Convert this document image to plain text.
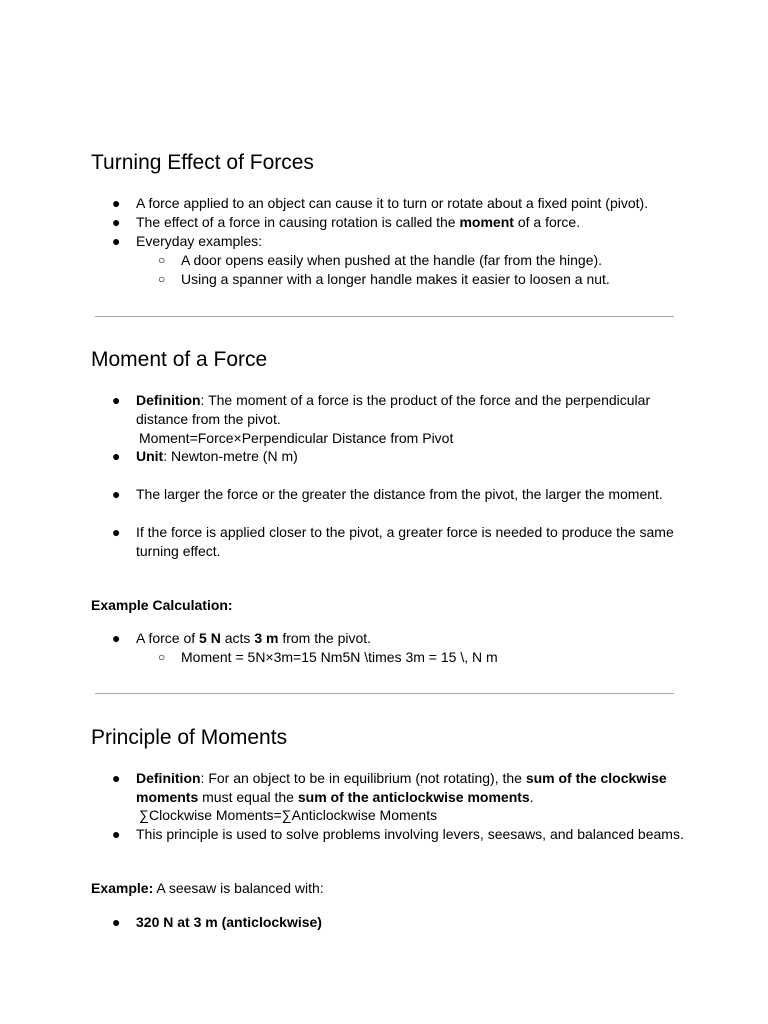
Turning Effect of Forces
● A force applied to an object can cause it to turn or rotate about a fixed point (pivot).
● The effect of a force in causing rotation is called the moment of a force.
● Everyday examples:
○ A door opens easily when pushed at the handle (far from the hinge).
○ Using a spanner with a longer handle makes it easier to loosen a nut.
Moment of a Force
● Definition: The moment of a force is the product of the force and the perpendicular
distance from the pivot.
Moment=Force×Perpendicular Distance from Pivot
● Unit: Newton-metre (N m)
● The larger the force or the greater the distance from the pivot, the larger the moment.
● If the force is applied closer to the pivot, a greater force is needed to produce the same
turning effect.
Example Calculation:
● A force of 5 N acts 3 m from the pivot.
○ Moment = 5N×3m=15 Nm5N \times 3m = 15 \, N m
Principle of Moments
● Definition: For an object to be in equilibrium (not rotating), the sum of the clockwise
moments must equal the sum of the anticlockwise moments.
∑Clockwise Moments=∑Anticlockwise Moments
● This principle is used to solve problems involving levers, seesaws, and balanced beams.
Example: A seesaw is balanced with:
● 320 N at 3 m (anticlockwise)
